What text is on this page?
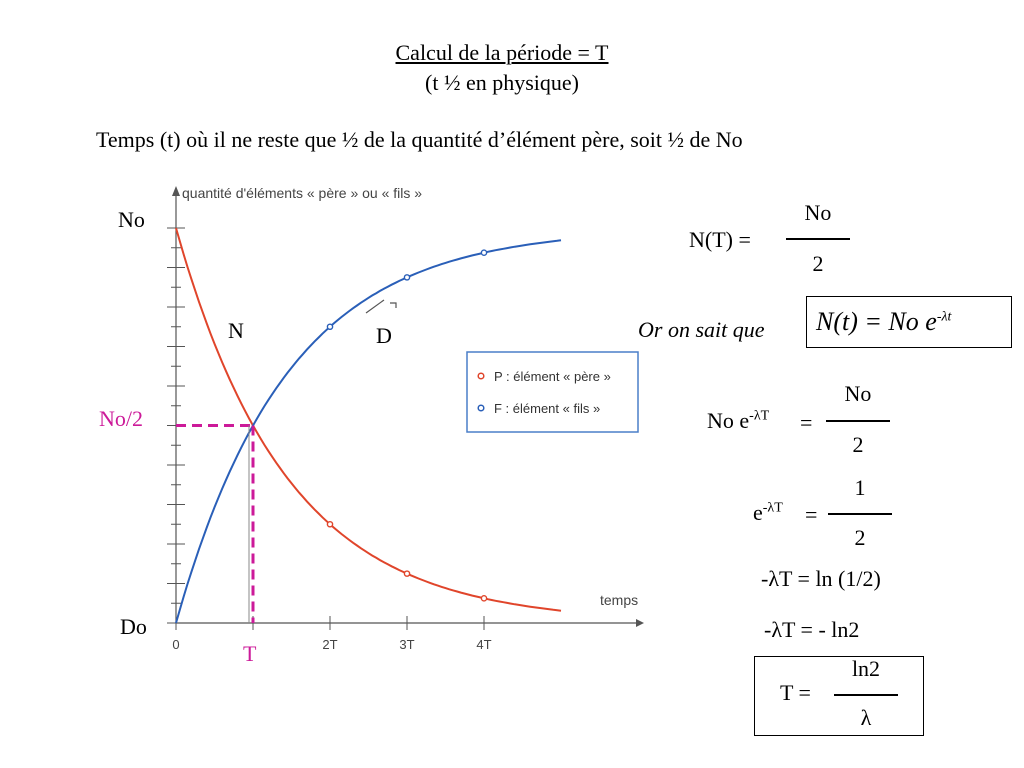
Calcul de la période = T
(t ½ en physique)
Temps (t) où il ne reste que ½ de la quantité d’élément père, soit ½ de No
0	2T	3T	4T
quantité d'éléments « père » ou « fils »
temps
P : élément « père »
F : élément « fils »
No
No/2
Do
T
N	D
N(T) =
No
2
Or on sait que N(t) = No $e^{-\lambda t}$
No $e^{-\lambda T}$ =
No
2
$e^{-\lambda T}$ =
1
2
-λT = ln (1/2)
-λT = - ln2
T =
ln2
λ
